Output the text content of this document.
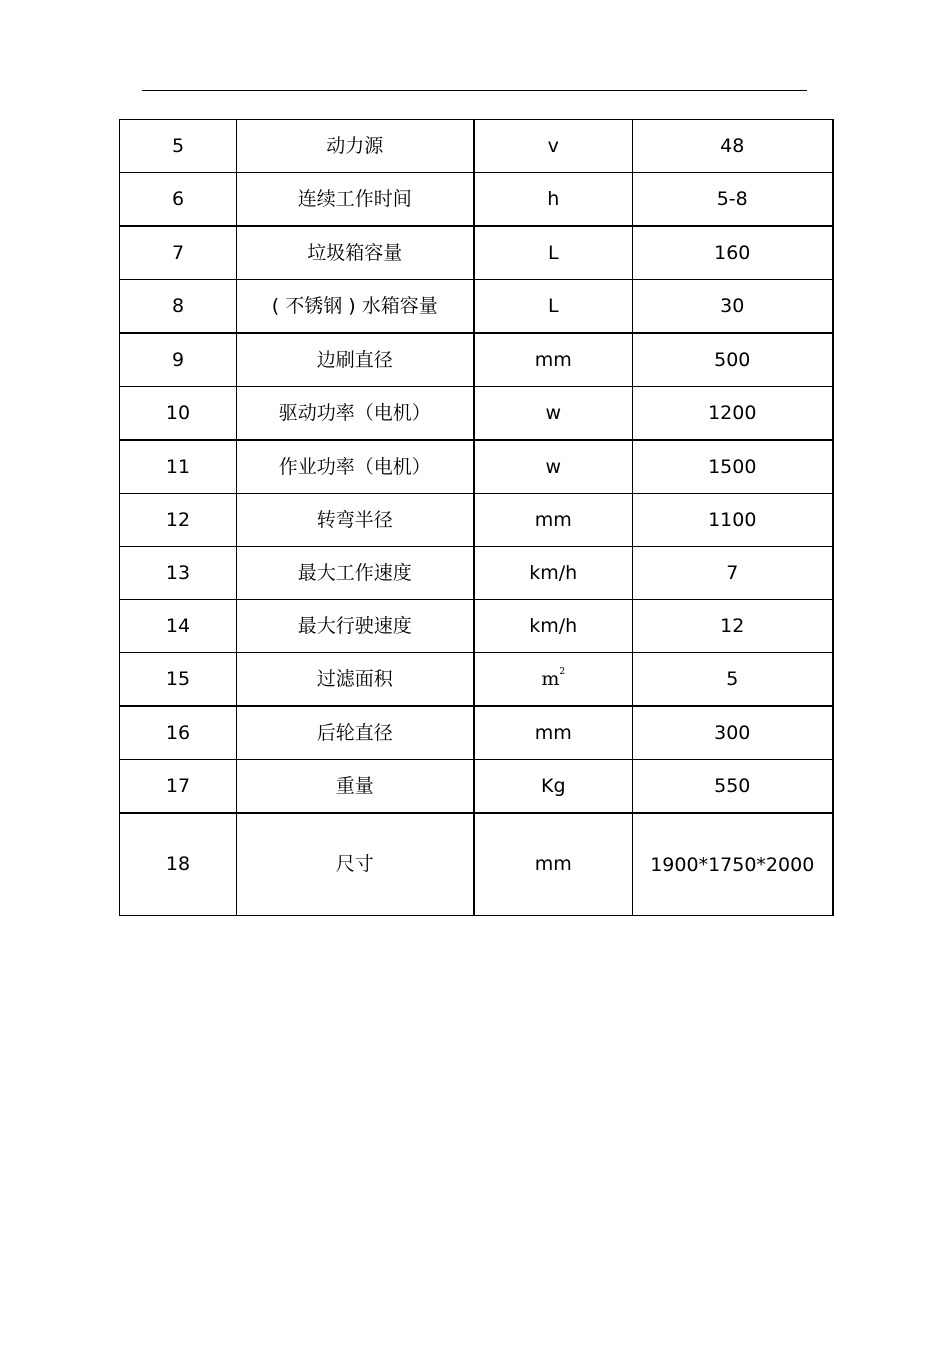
5	动力源	v	48
6	连续工作时间	h	5-8
7	垃圾箱容量	L	160
8	( 不锈钢 ) 水箱容量	L	30
9	边刷直径	mm	500
10	驱动功率（电机）	w	1200
11	作业功率（电机）	w	1500
12	转弯半径	mm	1100
13	最大工作速度	km/h	7
14	最大行驶速度	km/h	12
15	过滤面积	$m^2$	5
16	后轮直径	mm	300
17	重量	Kg	550
18	尺寸	mm	1900*1750*2000
